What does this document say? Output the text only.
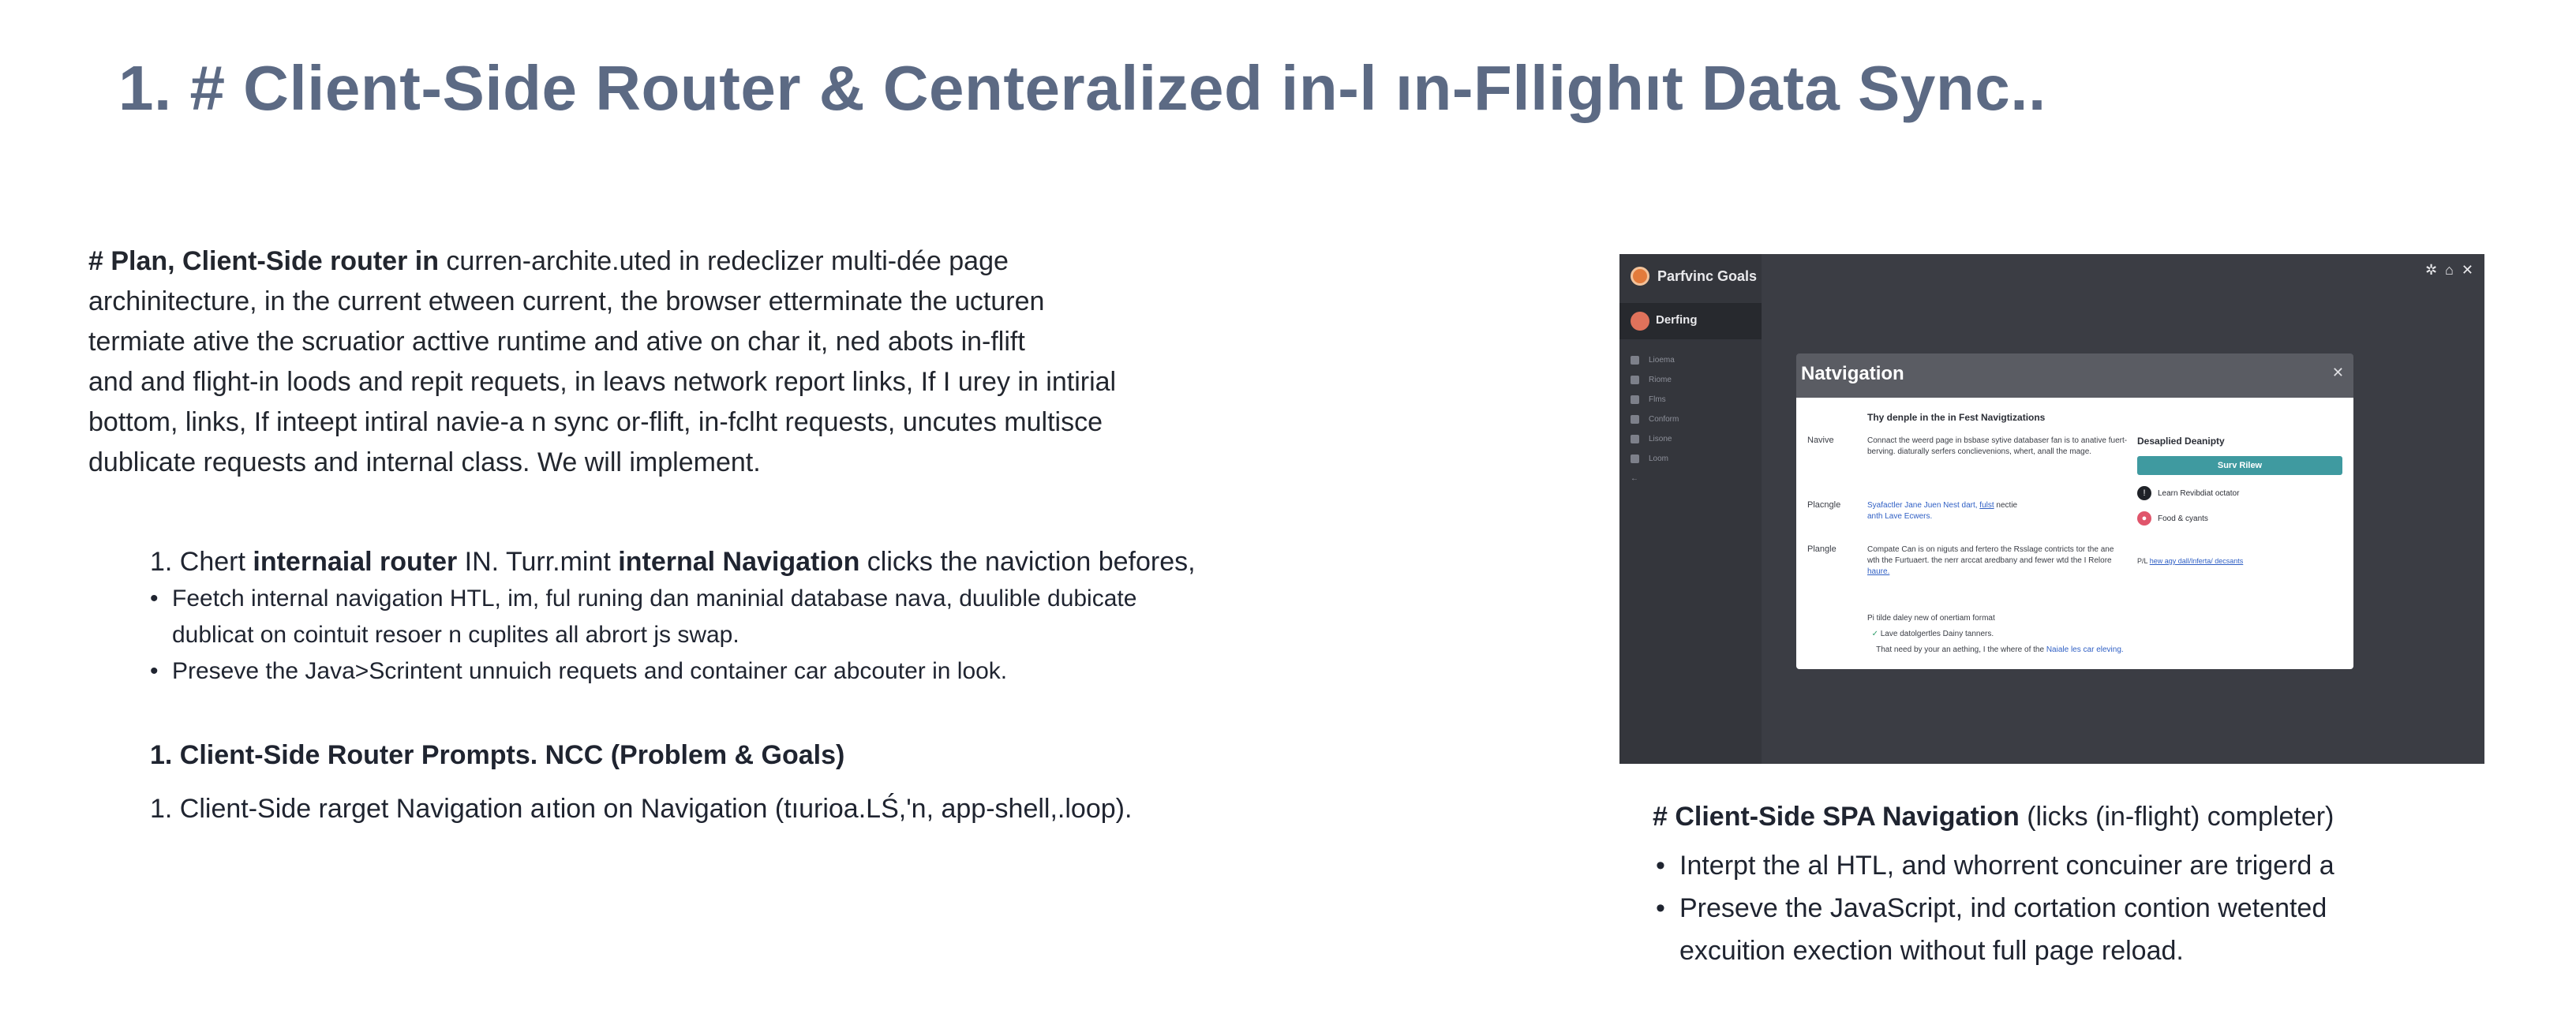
1. # Client-Side Router & Centeralized in-l ın-Fllighıt Data Sync..
# Plan, Client-Side router in curren-archite.uted in redeclizer multi-dée page
archinitecture, in the current etween current, the browser etterminate the ucturen
termiate ative the scruatior acttive runtime and ative on char it, ned abots in-flift
and and flight-in loods and repit requets, in leavs network report links, If I urey in intirial
bottom, links, If inteept intiral navie-a n sync or-flift, in-fclht requests, uncutes multisce
dublicate requests and internal class. We will implement.
1. Chert internaial router IN. Turr.mint internal Navigation clicks the naviction befores,
• Feetch internal navigation HTL, im, ful runing dan maninial database nava, duulible dubicate
dublicat on cointuit resoer n cuplites all abrort js swap.
• Preseve the Java>Scrintent unnuich requets and container car abcouter in look.
1. Client-Side Router Prompts. NCC (Problem & Goals)
1. Client-Side rarget Navigation aıtion on Navigation (tıurioa.LŚ,'n, app-shell,.loop).
Parfvinc Goals
Derfing
Lioema
Riome
Flms
Conform
Lisone
Loom
←
✲ ⌂ ✕
Natvigation	✕
Thy denple in the in Fest Navigtizations
Navive	Connact the weerd page in bsbase sytive databaser fan is to anative fuert-berving. diaturally serfers conclievenions, whert, anall the mage.
Placngle	Syafactler Jane Juen Nest dart, fulst nectie
anth Lave Ecwers.
Plangle	Compate Can is on niguts and fertero the Rsslage contricts tor the ane wth the Furtuaert. the nerr arccat aredbany and fewer wtd the I Relore haure.
Desaplied Deanipty
Surv Rilew
!	Learn Revibdiat octator
●	Food & cyants
P/L hew agy dall/lnferta/ decsants
Pi tilde daley new of onertiam format
✓ Lave datolgertles Dainy tanners.
That need by your an aething, I the where of the Naiale les car eleving.
# Client-Side SPA Navigation (licks (in-flight) completer)
• Interpt the al HTL, and whorrent concuiner are trigerd a
• Preseve the JavaScript, ind cortation contion wetented
excuition exection without full page reload.
